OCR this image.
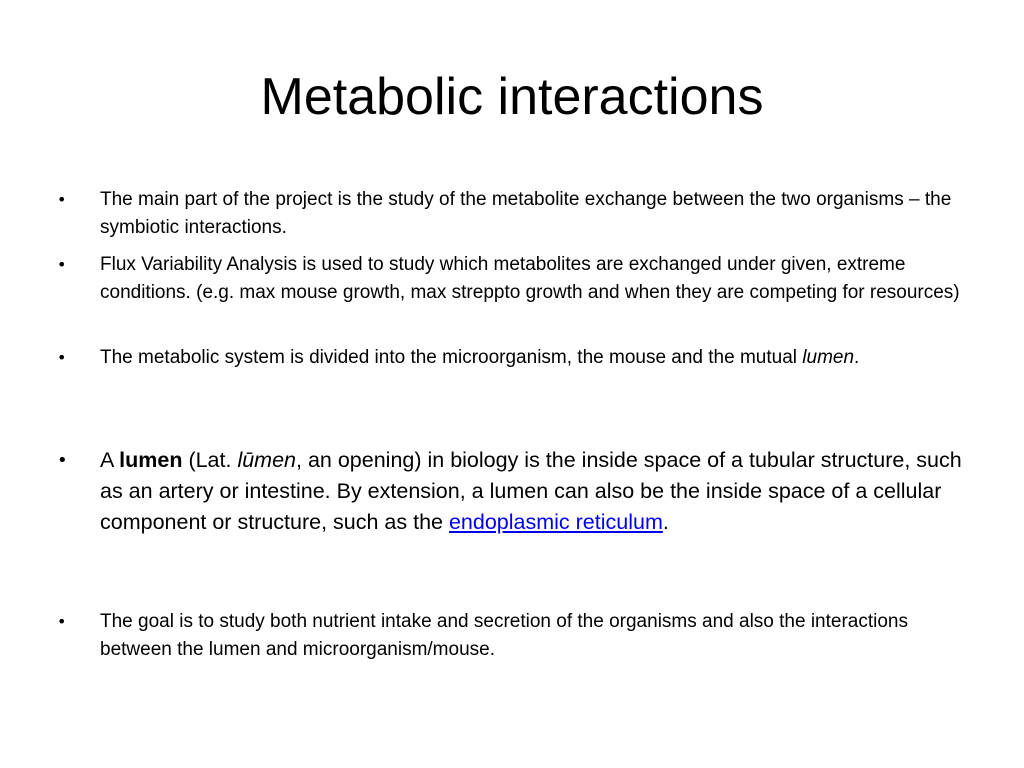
Metabolic interactions
• The main part of the project is the study of the metabolite exchange between the two organisms – the symbiotic interactions.
• Flux Variability Analysis is used to study which metabolites are exchanged under given, extreme conditions. (e.g. max mouse growth, max streppto growth and when they are competing for resources)
• The metabolic system is divided into the microorganism, the mouse and the mutual lumen.
• A lumen (Lat. lūmen, an opening) in biology is the inside space of a tubular structure, such as an artery or intestine. By extension, a lumen can also be the inside space of a cellular component or structure, such as the endoplasmic reticulum.
• The goal is to study both nutrient intake and secretion of the organisms and also the interactions between the lumen and microorganism/mouse.
